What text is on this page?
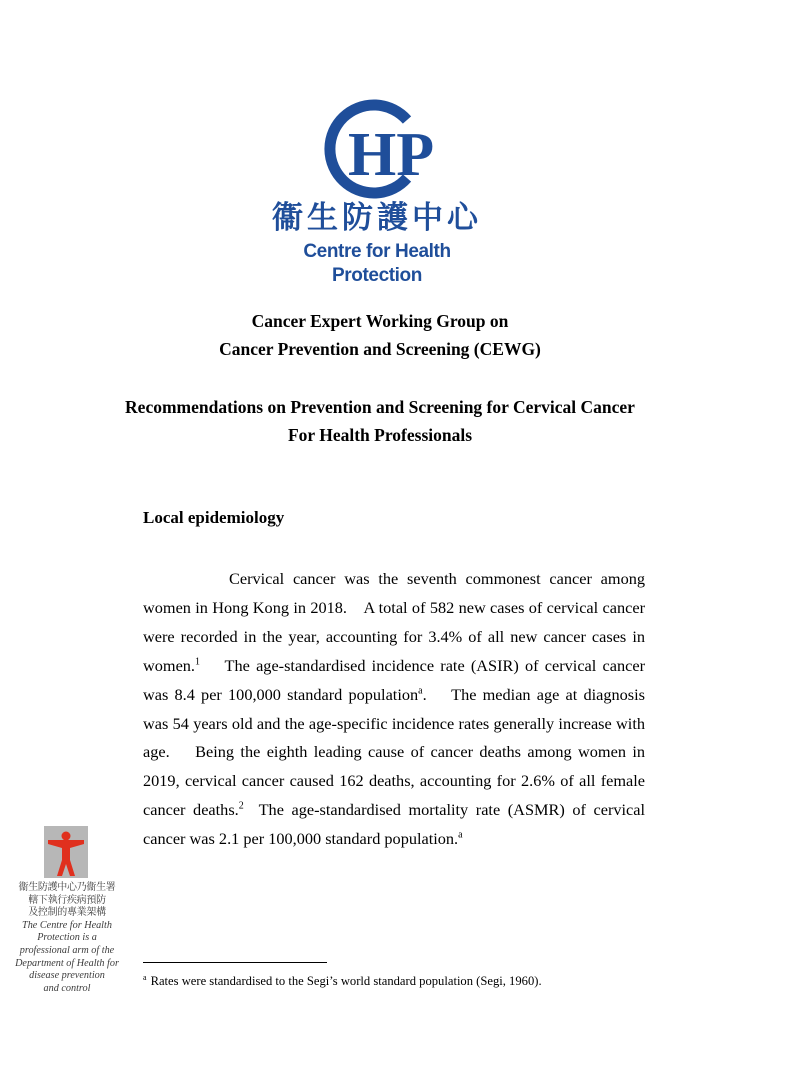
HP
衞生防護中心
Centre for Health Protection
Cancer Expert Working Group on
Cancer Prevention and Screening (CEWG)
Recommendations on Prevention and Screening for Cervical Cancer
For Health Professionals
Local epidemiology

Cervical cancer was the seventh commonest cancer among women in Hong Kong in 2018.    A total of 582 new cases of cervical cancer were recorded in the year, accounting for 3.4% of all new cancer cases in women.$^1$    The age-standardised incidence rate (ASIR) of cervical cancer was 8.4 per 100,000 standard population$^a$.    The median age at diagnosis was 54 years old and the age-specific incidence rates generally increase with age.    Being the eighth leading cause of cancer deaths among women in 2019, cervical cancer caused 162 deaths, accounting for 2.6% of all female cancer deaths.$^2$  The age-standardised mortality rate (ASMR) of cervical cancer was 2.1 per 100,000 standard population.$^a$

衞生防護中心乃衞生署
轄下執行疾病預防
及控制的專業架構
The Centre for Health
Protection is a
professional arm of the
Department of Health for
disease prevention
and control
$^a$ Rates were standardised to the Segi’s world standard population (Segi, 1960).
